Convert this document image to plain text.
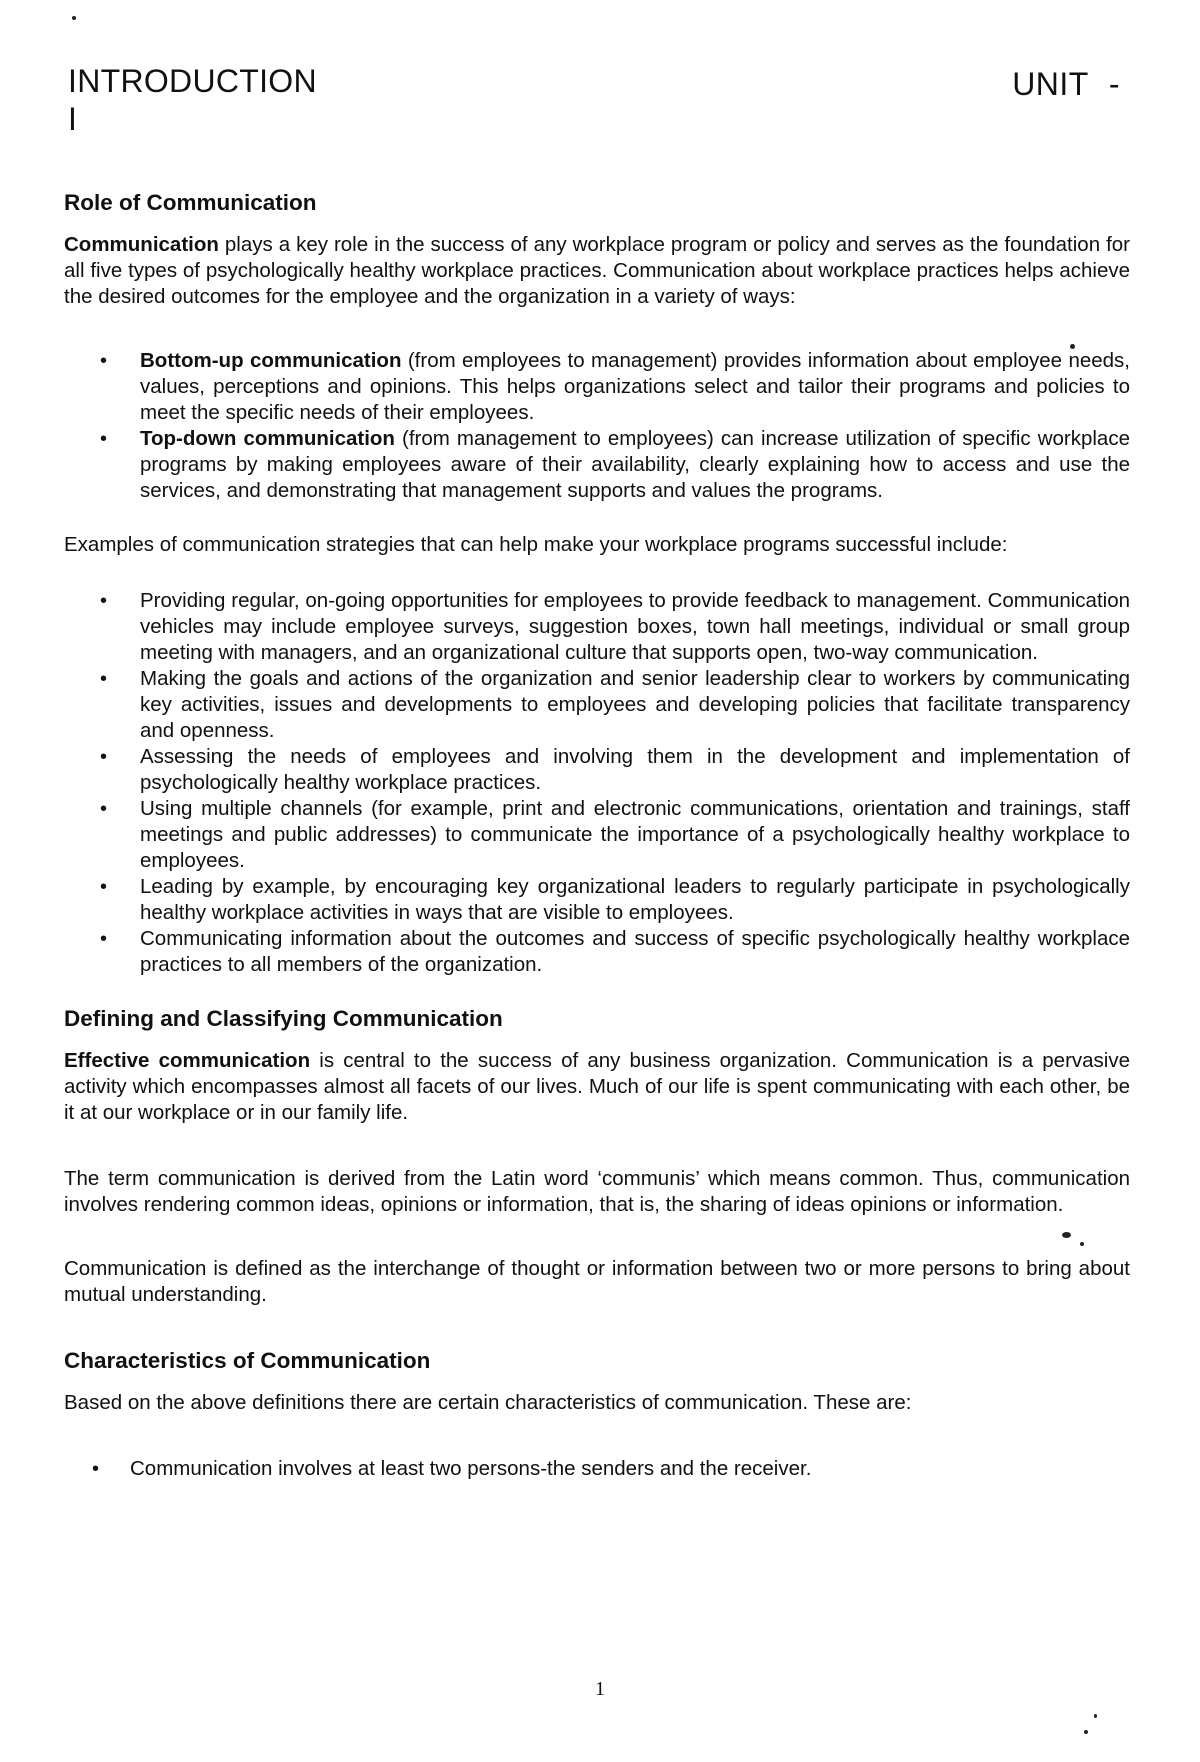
INTRODUCTION
I
UNIT -
Role of Communication

Communication plays a key role in the success of any workplace program or policy and serves as the foundation for all five types of psychologically healthy workplace practices. Communication about workplace practices helps achieve the desired outcomes for the employee and the organization in a variety of ways:

• Bottom-up communication (from employees to management) provides information about employee needs, values, perceptions and opinions. This helps organizations select and tailor their programs and policies to meet the specific needs of their employees.
• Top-down communication (from management to employees) can increase utilization of specific workplace programs by making employees aware of their availability, clearly explaining how to access and use the services, and demonstrating that management supports and values the programs.

Examples of communication strategies that can help make your workplace programs successful include:

• Providing regular, on-going opportunities for employees to provide feedback to management. Communication vehicles may include employee surveys, suggestion boxes, town hall meetings, individual or small group meeting with managers, and an organizational culture that supports open, two-way communication.
• Making the goals and actions of the organization and senior leadership clear to workers by communicating key activities, issues and developments to employees and developing policies that facilitate transparency and openness.
• Assessing the needs of employees and involving them in the development and implementation of psychologically healthy workplace practices.
• Using multiple channels (for example, print and electronic communications, orientation and trainings, staff meetings and public addresses) to communicate the importance of a psychologically healthy workplace to employees.
• Leading by example, by encouraging key organizational leaders to regularly participate in psychologically healthy workplace activities in ways that are visible to employees.
• Communicating information about the outcomes and success of specific psychologically healthy workplace practices to all members of the organization.
Defining and Classifying Communication

Effective communication is central to the success of any business organization. Communication is a pervasive activity which encompasses almost all facets of our lives. Much of our life is spent communicating with each other, be it at our workplace or in our family life.

The term communication is derived from the Latin word ‘communis’ which means common. Thus, communication involves rendering common ideas, opinions or information, that is, the sharing of ideas opinions or information.

Communication is defined as the interchange of thought or information between two or more persons to bring about mutual understanding.

Characteristics of Communication

Based on the above definitions there are certain characteristics of communication. These are:

• Communication involves at least two persons-the senders and the receiver.
1
